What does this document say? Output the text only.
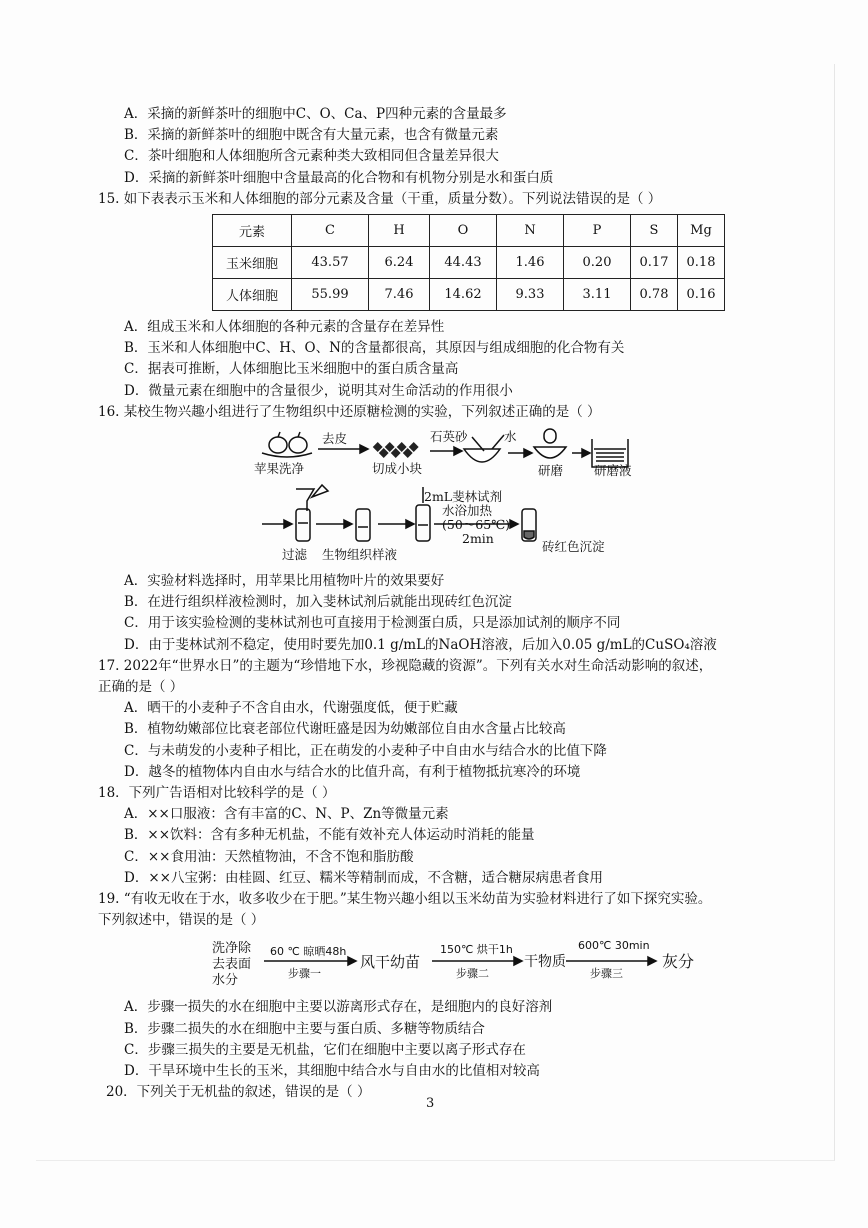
A．采摘的新鲜茶叶的细胞中C、O、Ca、P四种元素的含量最多
B．采摘的新鲜茶叶的细胞中既含有大量元素，也含有微量元素
C．茶叶细胞和人体细胞所含元素种类大致相同但含量差异很大
D．采摘的新鲜茶叶细胞中含量最高的化合物和有机物分别是水和蛋白质
15. 如下表表示玉米和人体细胞的部分元素及含量（干重，质量分数）。下列说法错误的是（ ）
元素	C	H	O	N	P	S	Mg
玉米细胞	43.57	6.24	44.43	1.46	0.20	0.17	0.18
人体细胞	55.99	7.46	14.62	9.33	3.11	0.78	0.16
A．组成玉米和人体细胞的各种元素的含量存在差异性
B．玉米和人体细胞中C、H、O、N的含量都很高，其原因与组成细胞的化合物有关
C．据表可推断，人体细胞比玉米细胞中的蛋白质含量高
D．微量元素在细胞中的含量很少，说明其对生命活动的作用很小
16. 某校生物兴趣小组进行了生物组织中还原糖检测的实验，下列叙述正确的是（ ）
苹果洗净
去皮
切成小块
石英砂	水
研磨 研磨液
过滤 生物组织样液
2mL斐林试剂
水浴加热
(50～65℃)
2min
砖红色沉淀
A．实验材料选择时，用苹果比用植物叶片的效果要好
B．在进行组织样液检测时，加入斐林试剂后就能出现砖红色沉淀
C．用于该实验检测的斐林试剂也可直接用于检测蛋白质，只是添加试剂的顺序不同
D．由于斐林试剂不稳定，使用时要先加0.1 g/mL的NaOH溶液，后加入0.05 g/mL的CuSO₄溶液
17. 2022年“世界水日”的主题为“珍惜地下水，珍视隐藏的资源”。下列有关水对生命活动影响的叙述，
正确的是（ ）
A．晒干的小麦种子不含自由水，代谢强度低，便于贮藏
B．植物幼嫩部位比衰老部位代谢旺盛是因为幼嫩部位自由水含量占比较高
C．与未萌发的小麦种子相比，正在萌发的小麦种子中自由水与结合水的比值下降
D．越冬的植物体内自由水与结合水的比值升高，有利于植物抵抗寒冷的环境
18．下列广告语相对比较科学的是（ ）
A．××口服液：含有丰富的C、N、P、Zn等微量元素
B．××饮料：含有多种无机盐，不能有效补充人体运动时消耗的能量
C．××食用油：天然植物油，不含不饱和脂肪酸
D．××八宝粥：由桂圆、红豆、糯米等精制而成，不含糖，适合糖尿病患者食用
19. “有收无收在于水，收多收少在于肥。”某生物兴趣小组以玉米幼苗为实验材料进行了如下探究实验。
下列叙述中，错误的是（ ）
洗净除
去表面
水分
60 ℃ 晾晒48h
步骤一
风干幼苗
150℃ 烘干1h
步骤二
干物质
600℃ 30min
步骤三
灰分
A．步骤一损失的水在细胞中主要以游离形式存在，是细胞内的良好溶剂
B．步骤二损失的水在细胞中主要与蛋白质、多糖等物质结合
C．步骤三损失的主要是无机盐，它们在细胞中主要以离子形式存在
D．干旱环境中生长的玉米，其细胞中结合水与自由水的比值相对较高
20．下列关于无机盐的叙述，错误的是（ ）
3
